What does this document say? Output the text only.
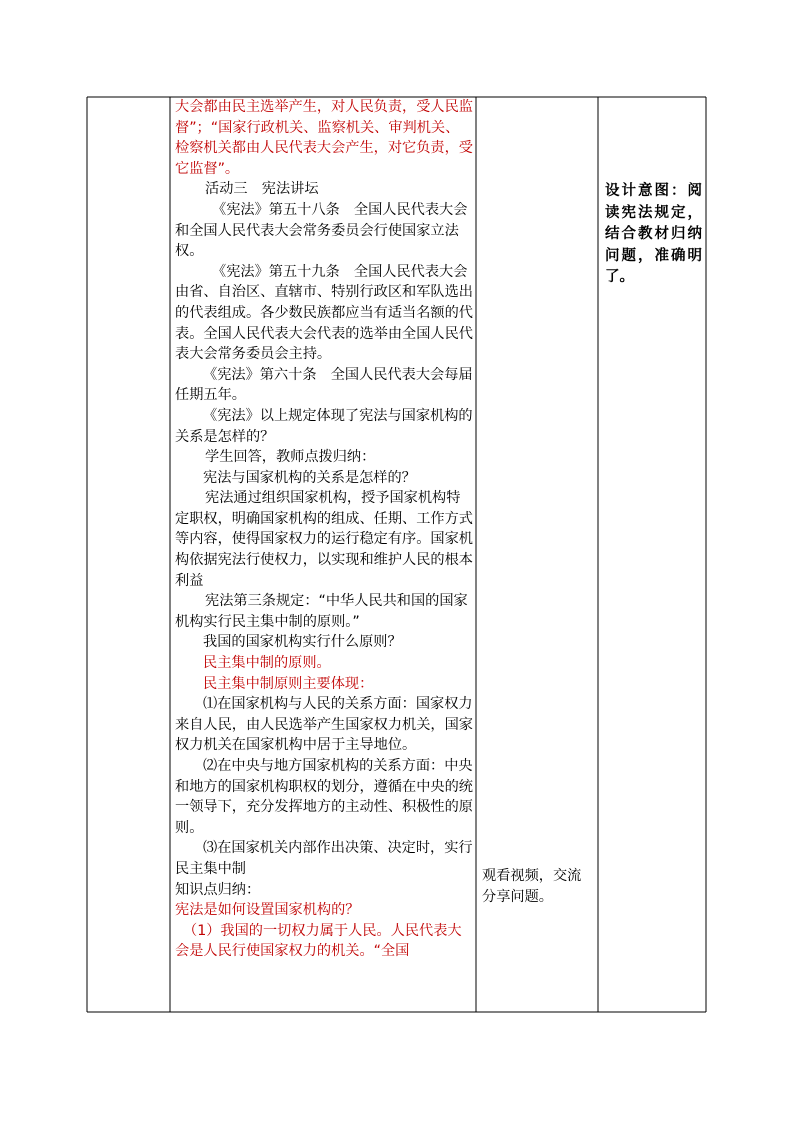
大会都由民主选举产生，对人民负责，受人民监督”；“国家行政机关、监察机关、审判机关、检察机关都由人民代表大会产生，对它负责，受它监督”。

活动三　宪法讲坛

《宪法》第五十八条　全国人民代表大会和全国人民代表大会常务委员会行使国家立法权。

《宪法》第五十九条　全国人民代表大会由省、自治区、直辖市、特别行政区和军队选出的代表组成。各少数民族都应当有适当名额的代表。全国人民代表大会代表的选举由全国人民代表大会常务委员会主持。

《宪法》第六十条　全国人民代表大会每届任期五年。

《宪法》以上规定体现了宪法与国家机构的关系是怎样的？

学生回答，教师点拨归纳：

宪法与国家机构的关系是怎样的？

宪法通过组织国家机构，授予国家机构特定职权，明确国家机构的组成、任期、工作方式等内容，使得国家权力的运行稳定有序。国家机构依据宪法行使权力，以实现和维护人民的根本利益

宪法第三条规定：“中华人民共和国的国家机构实行民主集中制的原则。”

我国的国家机构实行什么原则？

民主集中制的原则。

民主集中制原则主要体现：

⑴在国家机构与人民的关系方面：国家权力来自人民，由人民选举产生国家权力机关，国家权力机关在国家机构中居于主导地位。

⑵在中央与地方国家机构的关系方面：中央和地方的国家机构职权的划分，遵循在中央的统一领导下，充分发挥地方的主动性、积极性的原则。

⑶在国家机关内部作出决策、决定时，实行民主集中制

知识点归纳：

宪法是如何设置国家机构的？

（1）我国的一切权力属于人民。人民代表大会是人民行使国家权力的机关。“全国

观看视频，交流分享问题。
设计意图：阅读宪法规定，结合教材归纳问题，准确明了。
